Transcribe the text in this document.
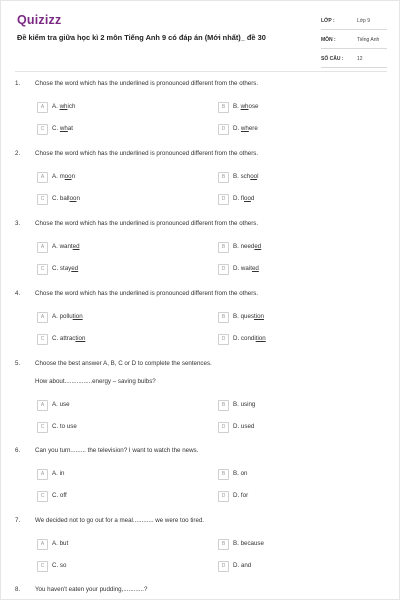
Quizizz
Đề kiểm tra giữa học kì 2 môn Tiếng Anh 9 có đáp án (Mới nhất)_ đề 30
LỚP :	Lớp 9
MÔN :	Tiếng Anh
SỐ CÂU :	12
1. Chose the word which has the underlined is pronounced different from the others.
A	A. which	B	B. whose
C	C. what	D	D. where
2. Chose the word which has the underlined is pronounced different from the others.
A	A. moon	B	B. school
C	C. balloon	D	D. flood
3. Chose the word which has the underlined is pronounced different from the others.
A	A. wanted	B	B. needed
C	C. stayed	D	D. waited
4. Chose the word which has the underlined is pronounced different from the others.
A	A. pollution	B	B. question
C	C. attraction	D	D. condition
5. Choose the best answer A, B, C or D to complete the sentences.
How about................energy – saving bulbs?
A	A. use	B	B. using
C	C. to use	D	D. used
6. Can you turn......... the television? I want to watch the news.
A	A. in	B	B. on
C	C. off	D	D. for
7. We decided not to go out for a meal............ we were too tired.
A	A. but	B	B. because
C	C. so	D	D. and
8. You haven't eaten your pudding,............?
